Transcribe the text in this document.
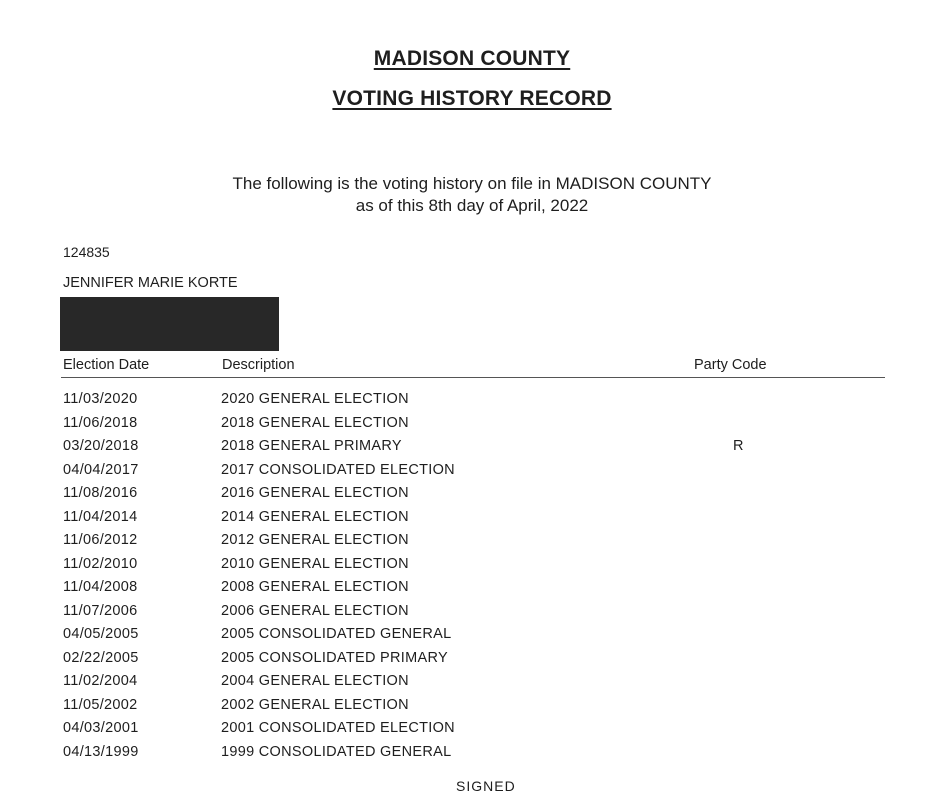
MADISON COUNTY
VOTING HISTORY RECORD
The following is the voting history on file in MADISON COUNTY
as of this 8th day of April, 2022
124835
JENNIFER MARIE KORTE
Election Date	Description	Party Code
11/03/2020	2020 GENERAL ELECTION
11/06/2018	2018 GENERAL ELECTION
03/20/2018	2018 GENERAL PRIMARY	R
04/04/2017	2017 CONSOLIDATED ELECTION
11/08/2016	2016 GENERAL ELECTION
11/04/2014	2014 GENERAL ELECTION
11/06/2012	2012 GENERAL ELECTION
11/02/2010	2010 GENERAL ELECTION
11/04/2008	2008 GENERAL ELECTION
11/07/2006	2006 GENERAL ELECTION
04/05/2005	2005 CONSOLIDATED GENERAL
02/22/2005	2005 CONSOLIDATED PRIMARY
11/02/2004	2004 GENERAL ELECTION
11/05/2002	2002 GENERAL ELECTION
04/03/2001	2001 CONSOLIDATED ELECTION
04/13/1999	1999 CONSOLIDATED GENERAL
SIGNED
